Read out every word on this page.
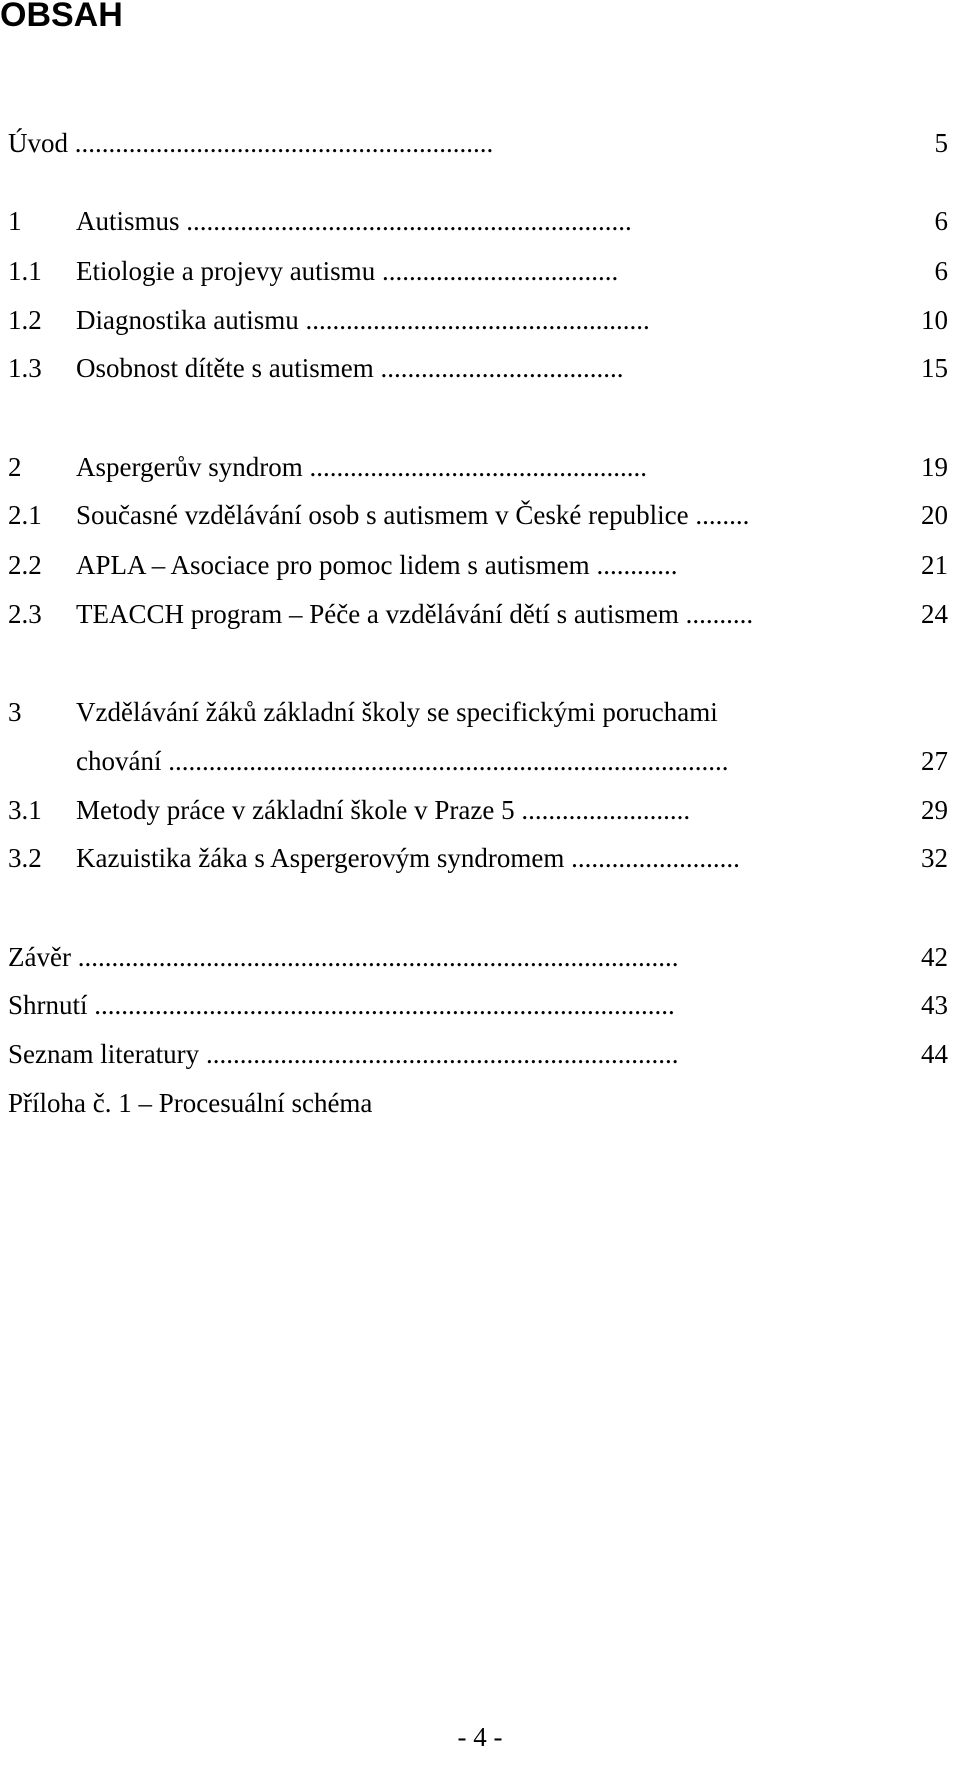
OBSAH
Úvod ..............................................................	5
1 Autismus ..................................................................	6
1.1 Etiologie a projevy autismu ...................................	6
1.2 Diagnostika autismu ...................................................	10
1.3 Osobnost dítěte s autismem ....................................	15
2 Aspergerův syndrom ..................................................	19
2.1 Současné vzdělávání osob s autismem v České republice ........	20
2.2 APLA – Asociace pro pomoc lidem s autismem ............	21
2.3 TEACCH program – Péče a vzdělávání dětí s autismem ..........	24
3 Vzdělávání žáků základní školy se specifickými poruchami
chování ...................................................................................	27
3.1 Metody práce v základní škole v Praze 5 .........................	29
3.2 Kazuistika žáka s Aspergerovým syndromem .........................	32
Závěr .........................................................................................	42
Shrnutí ......................................................................................	43
Seznam literatury ......................................................................	44
Příloha č. 1 – Procesuální schéma
- 4 -
